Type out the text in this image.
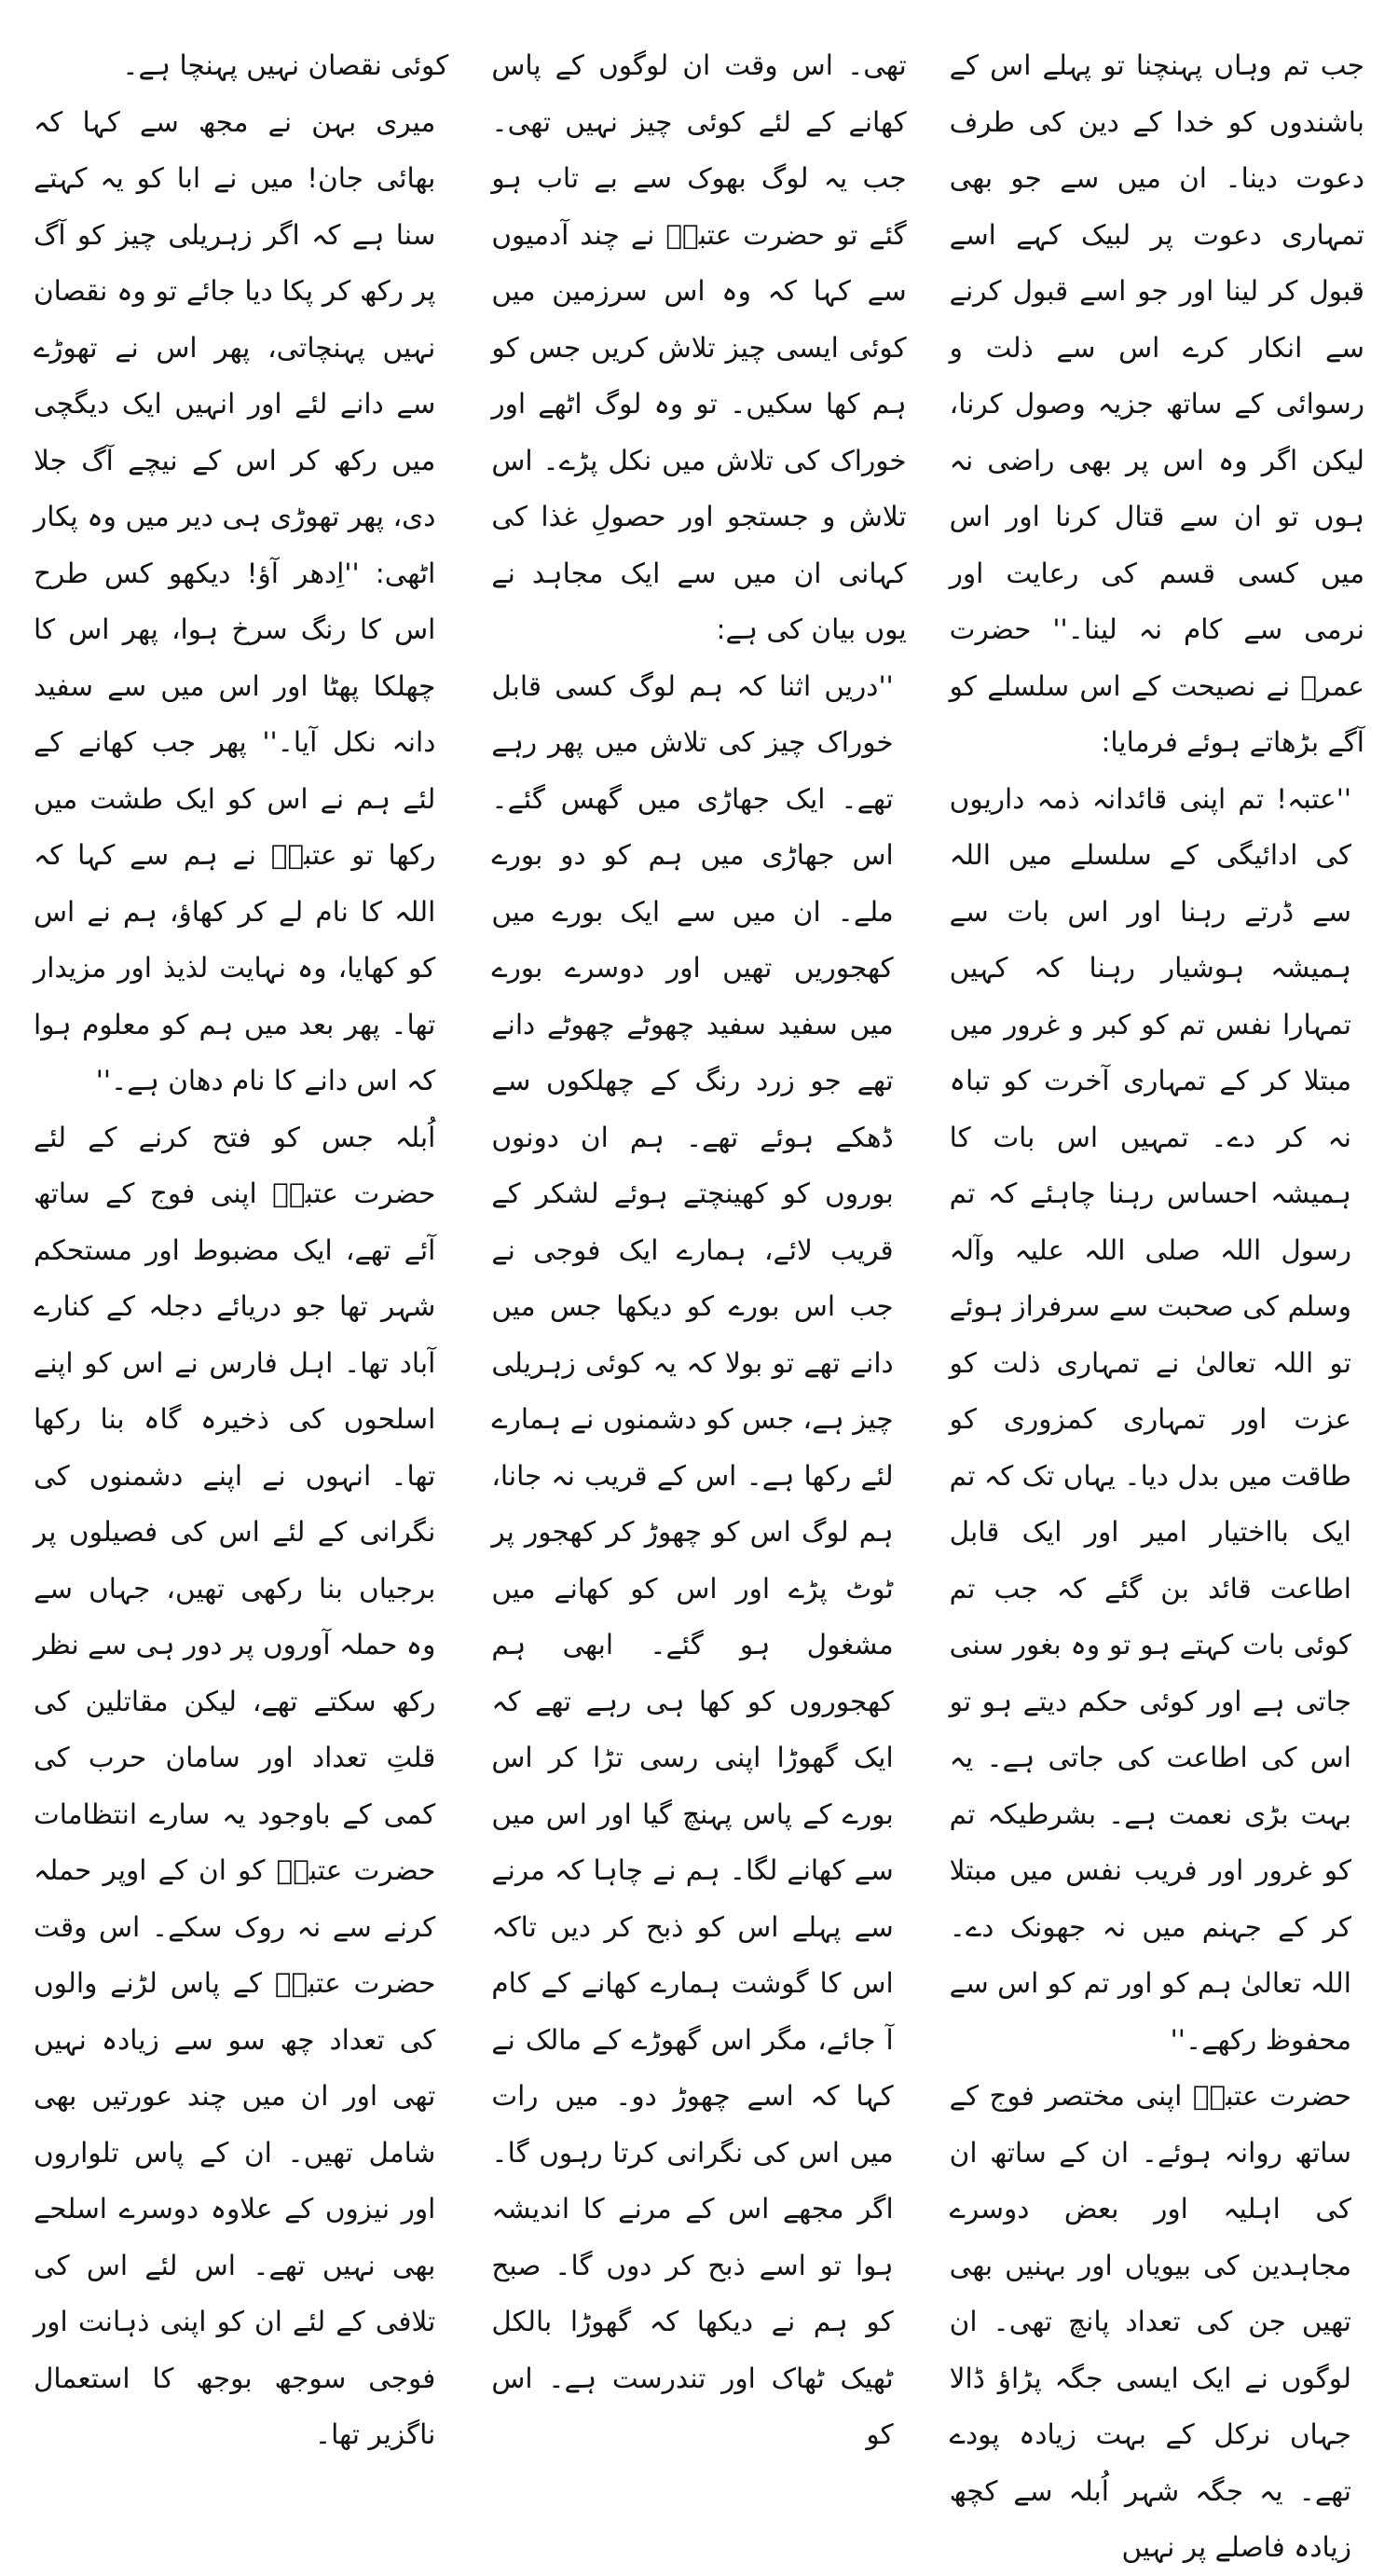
جب تم وہاں پہنچنا تو پہلے اس کے باشندوں کو خدا کے دین کی طرف دعوت دینا۔ ان میں سے جو بھی تمہاری دعوت پر لبیک کہے اسے قبول کر لینا اور جو اسے قبول کرنے سے انکار کرے اس سے ذلت و رسوائی کے ساتھ جزیہ وصول کرنا، لیکن اگر وہ اس پر بھی راضی نہ ہوں تو ان سے قتال کرنا اور اس میں کسی قسم کی رعایت اور نرمی سے کام نہ لینا۔'' حضرت عمرؓ نے نصیحت کے اس سلسلے کو آگے بڑھاتے ہوئے فرمایا:

''عتبہ! تم اپنی قائدانہ ذمہ داریوں کی ادائیگی کے سلسلے میں اللہ سے ڈرتے رہنا اور اس بات سے ہمیشہ ہوشیار رہنا کہ کہیں تمہارا نفس تم کو کبر و غرور میں مبتلا کر کے تمہاری آخرت کو تباہ نہ کر دے۔ تمہیں اس بات کا ہمیشہ احساس رہنا چاہئے کہ تم رسول اللہ صلی اللہ علیہ وآلہ وسلم کی صحبت سے سرفراز ہوئے تو اللہ تعالیٰ نے تمہاری ذلت کو عزت اور تمہاری کمزوری کو طاقت میں بدل دیا۔ یہاں تک کہ تم ایک بااختیار امیر اور ایک قابل اطاعت قائد بن گئے کہ جب تم کوئی بات کہتے ہو تو وہ بغور سنی جاتی ہے اور کوئی حکم دیتے ہو تو اس کی اطاعت کی جاتی ہے۔ یہ بہت بڑی نعمت ہے۔ بشرطیکہ تم کو غرور اور فریب نفس میں مبتلا کر کے جہنم میں نہ جھونک دے۔ اللہ تعالیٰ ہم کو اور تم کو اس سے محفوظ رکھے۔''

حضرت عتبہؓ اپنی مختصر فوج کے ساتھ روانہ ہوئے۔ ان کے ساتھ ان کی اہلیہ اور بعض دوسرے مجاہدین کی بیویاں اور بہنیں بھی تھیں جن کی تعداد پانچ تھی۔ ان لوگوں نے ایک ایسی جگہ پڑاؤ ڈالا جہاں نرکل کے بہت زیادہ پودے تھے۔ یہ جگہ شہر اُبلہ سے کچھ زیادہ فاصلے پر نہیں

تھی۔ اس وقت ان لوگوں کے پاس کھانے کے لئے کوئی چیز نہیں تھی۔ جب یہ لوگ بھوک سے بے تاب ہو گئے تو حضرت عتبہؓ نے چند آدمیوں سے کہا کہ وہ اس سرزمین میں کوئی ایسی چیز تلاش کریں جس کو ہم کھا سکیں۔ تو وہ لوگ اٹھے اور خوراک کی تلاش میں نکل پڑے۔ اس تلاش و جستجو اور حصولِ غذا کی کہانی ان میں سے ایک مجاہد نے یوں بیان کی ہے:

''دریں اثنا کہ ہم لوگ کسی قابل خوراک چیز کی تلاش میں پھر رہے تھے۔ ایک جھاڑی میں گھس گئے۔ اس جھاڑی میں ہم کو دو بورے ملے۔ ان میں سے ایک بورے میں کھجوریں تھیں اور دوسرے بورے میں سفید سفید چھوٹے چھوٹے دانے تھے جو زرد رنگ کے چھلکوں سے ڈھکے ہوئے تھے۔ ہم ان دونوں بوروں کو کھینچتے ہوئے لشکر کے قریب لائے، ہمارے ایک فوجی نے جب اس بورے کو دیکھا جس میں دانے تھے تو بولا کہ یہ کوئی زہریلی چیز ہے، جس کو دشمنوں نے ہمارے لئے رکھا ہے۔ اس کے قریب نہ جانا، ہم لوگ اس کو چھوڑ کر کھجور پر ٹوٹ پڑے اور اس کو کھانے میں مشغول ہو گئے۔ ابھی ہم کھجوروں کو کھا ہی رہے تھے کہ ایک گھوڑا اپنی رسی تڑا کر اس بورے کے پاس پہنچ گیا اور اس میں سے کھانے لگا۔ ہم نے چاہا کہ مرنے سے پہلے اس کو ذبح کر دیں تاکہ اس کا گوشت ہمارے کھانے کے کام آ جائے، مگر اس گھوڑے کے مالک نے کہا کہ اسے چھوڑ دو۔ میں رات میں اس کی نگرانی کرتا رہوں گا۔ اگر مجھے اس کے مرنے کا اندیشہ ہوا تو اسے ذبح کر دوں گا۔ صبح کو ہم نے دیکھا کہ گھوڑا بالکل ٹھیک ٹھاک اور تندرست ہے۔ اس کو

کوئی نقصان نہیں پہنچا ہے۔

میری بہن نے مجھ سے کہا کہ بھائی جان! میں نے ابا کو یہ کہتے سنا ہے کہ اگر زہریلی چیز کو آگ پر رکھ کر پکا دیا جائے تو وہ نقصان نہیں پہنچاتی، پھر اس نے تھوڑے سے دانے لئے اور انہیں ایک دیگچی میں رکھ کر اس کے نیچے آگ جلا دی، پھر تھوڑی ہی دیر میں وہ پکار اٹھی: ''اِدھر آؤ! دیکھو کس طرح اس کا رنگ سرخ ہوا، پھر اس کا چھلکا پھٹا اور اس میں سے سفید دانہ نکل آیا۔'' پھر جب کھانے کے لئے ہم نے اس کو ایک طشت میں رکھا تو عتبہؓ نے ہم سے کہا کہ اللہ کا نام لے کر کھاؤ، ہم نے اس کو کھایا، وہ نہایت لذیذ اور مزیدار تھا۔ پھر بعد میں ہم کو معلوم ہوا کہ اس دانے کا نام دھان ہے۔''

اُبلہ جس کو فتح کرنے کے لئے حضرت عتبہؓ اپنی فوج کے ساتھ آئے تھے، ایک مضبوط اور مستحکم شہر تھا جو دریائے دجلہ کے کنارے آباد تھا۔ اہل فارس نے اس کو اپنے اسلحوں کی ذخیرہ گاہ بنا رکھا تھا۔ انہوں نے اپنے دشمنوں کی نگرانی کے لئے اس کی فصیلوں پر برجیاں بنا رکھی تھیں، جہاں سے وہ حملہ آوروں پر دور ہی سے نظر رکھ سکتے تھے، لیکن مقاتلین کی قلتِ تعداد اور سامان حرب کی کمی کے باوجود یہ سارے انتظامات حضرت عتبہؓ کو ان کے اوپر حملہ کرنے سے نہ روک سکے۔ اس وقت حضرت عتبہؓ کے پاس لڑنے والوں کی تعداد چھ سو سے زیادہ نہیں تھی اور ان میں چند عورتیں بھی شامل تھیں۔ ان کے پاس تلواروں اور نیزوں کے علاوہ دوسرے اسلحے بھی نہیں تھے۔ اس لئے اس کی تلافی کے لئے ان کو اپنی ذہانت اور فوجی سوجھ بوجھ کا استعمال ناگزیر تھا۔
